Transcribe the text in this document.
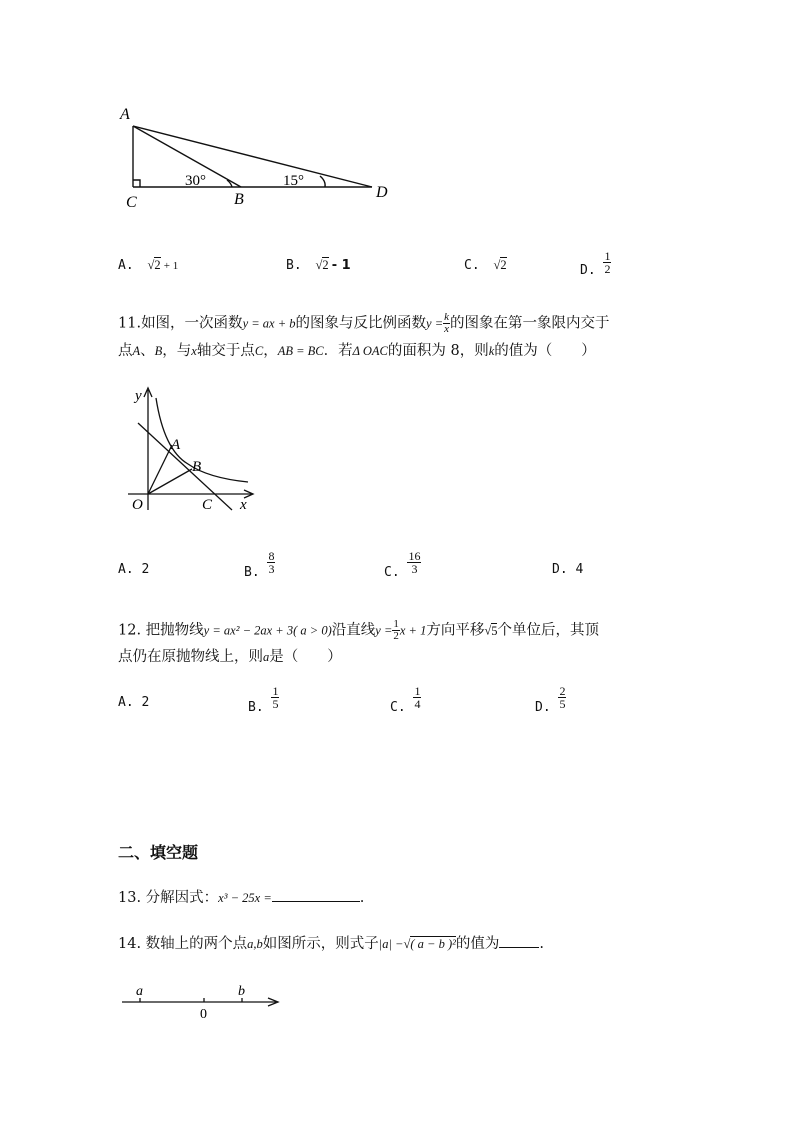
A
C	B	D
30°	15°
A. √2 + 1	B. √2 - 1	C. √2	D. $\frac{1}{2}$
11.如图，一次函数y = ax + b的图象与反比例函数$y = \frac{k}{x}$ 的图象在第一象限内交于
点A、B，与x轴交于点C，AB = BC．若Δ OAC的面积为 8，则k的值为（　　）
y
x
O
A
B
C
A. 2	B. $\frac{8}{3}$	C. $\frac{16}{3}$	D. 4
12. 把抛物线y = ax² − 2ax + 3( a > 0)沿直线$y = \frac{1}{2}$ x + 1方向平移√5个单位后，其顶
点仍在原抛物线上，则a是（　　）
A. 2	B. $\frac{1}{5}$	C. $\frac{1}{4}$	D. $\frac{2}{5}$
二、填空题
13. 分解因式：x³ − 25x =	.
14. 数轴上的两个点a,b如图所示，则式子|a| −√( a − b )²的值为	.
a
0
b
